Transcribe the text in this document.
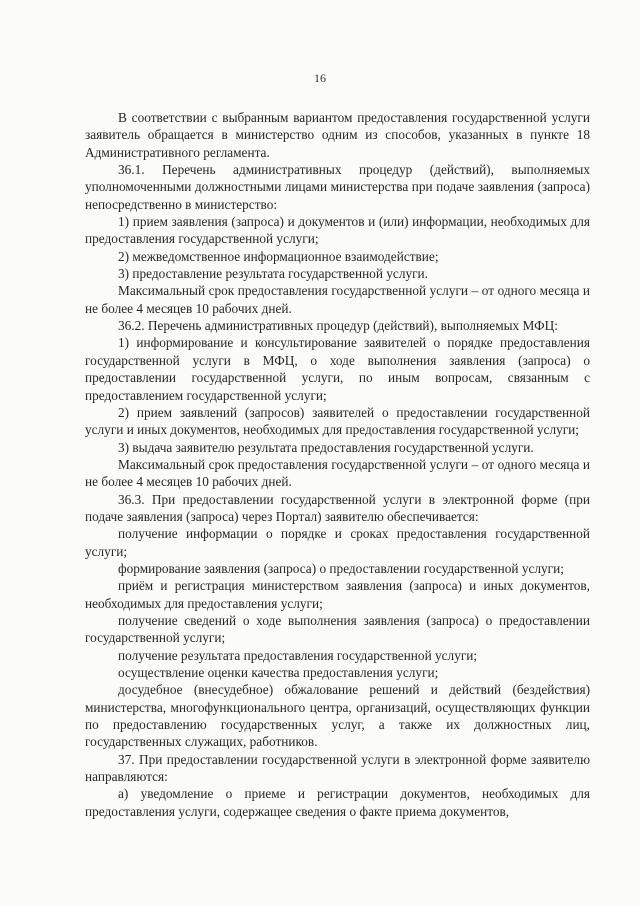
16

В соответствии с выбранным вариантом предоставления государственной услуги заявитель обращается в министерство одним из способов, указанных в пункте 18 Административного регламента.

36.1. Перечень административных процедур (действий), выполняемых уполномоченными должностными лицами министерства при подаче заявления (запроса) непосредственно в министерство:

1) прием заявления (запроса) и документов и (или) информации, необходимых для предоставления государственной услуги;

2) межведомственное информационное взаимодействие;

3) предоставление результата государственной услуги.

Максимальный срок предоставления государственной услуги – от одного месяца и не более 4 месяцев 10 рабочих дней.

36.2. Перечень административных процедур (действий), выполняемых МФЦ:

1) информирование и консультирование заявителей о порядке предоставления государственной услуги в МФЦ, о ходе выполнения заявления (запроса) о предоставлении государственной услуги, по иным вопросам, связанным с предоставлением государственной услуги;

2) прием заявлений (запросов) заявителей о предоставлении государственной услуги и иных документов, необходимых для предоставления государственной услуги;

3) выдача заявителю результата предоставления государственной услуги.

Максимальный срок предоставления государственной услуги – от одного месяца и не более 4 месяцев 10 рабочих дней.

36.3. При предоставлении государственной услуги в электронной форме (при подаче заявления (запроса) через Портал) заявителю обеспечивается:

получение информации о порядке и сроках предоставления государственной услуги;

формирование заявления (запроса) о предоставлении государственной услуги;

приём и регистрация министерством заявления (запроса) и иных документов, необходимых для предоставления услуги;

получение сведений о ходе выполнения заявления (запроса) о предоставлении государственной услуги;

получение результата предоставления государственной услуги;

осуществление оценки качества предоставления услуги;

досудебное (внесудебное) обжалование решений и действий (бездействия) министерства, многофункционального центра, организаций, осуществляющих функции по предоставлению государственных услуг, а также их должностных лиц, государственных служащих, работников.

37. При предоставлении государственной услуги в электронной форме заявителю направляются:

а) уведомление о приеме и регистрации документов, необходимых для предоставления услуги, содержащее сведения о факте приема документов,
